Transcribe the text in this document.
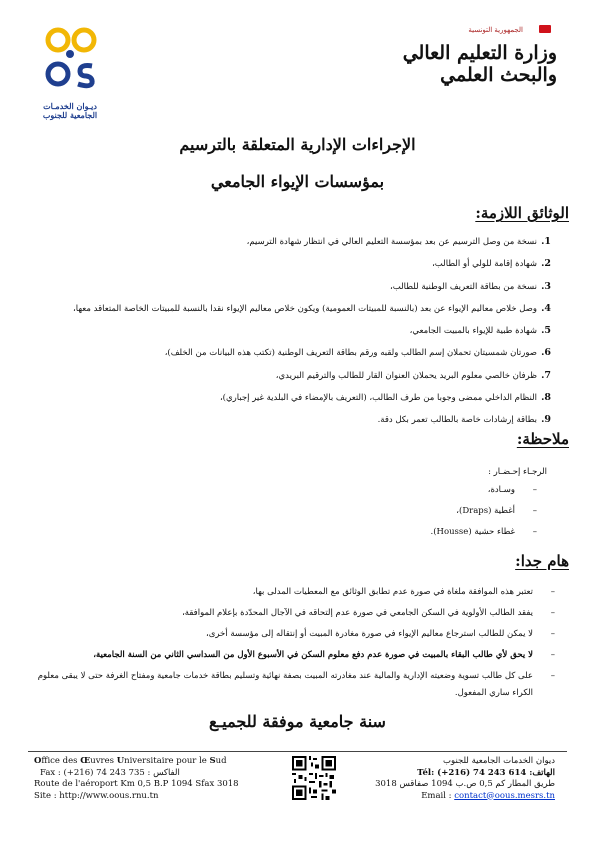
ديـوان الخدمـات
الجامعية للجنوب
الجمهورية التونسية
وزارة التعليم العالي
والبحث العلمي
الإجراءات الإدارية المتعلقة بالترسيم
بمؤسسات الإيواء الجامعي
الوثائق اللازمة:
1.
نسخة من وصل الترسيم عن بعد بمؤسسة التعليم العالي في انتظار شهادة الترسيم،
2.
شهادة إقامة للولي أو الطالب،
3.
نسخة من بطاقة التعريف الوطنية للطالب،
4.
وصل خلاص معاليم الإيواء عن بعد (بالنسبة للمبيتات العمومية) ويكون خلاص معاليم الإيواء نقدا بالنسبة للمبيتات الخاصة المتعاقد معها،
5.
شهادة طبية للإيواء بالمبيت الجامعي،
6.
صورتان شمسيتان تحملان إسم الطالب ولقبه ورقم بطاقة التعريف الوطنية (تكتب هذه البيانات من الخلف)،
7.
ظرفان خالصي معلوم البريد يحملان العنوان القار للطالب والترقيم البريدي،
8.
النظام الداخلي ممضى وجوبا من طرف الطالب، (التعريف بالإمضاء في البلدية غير إجباري)،
9.
بطاقة إرشادات خاصة بالطالب تعمر بكل دقة.
ملاحظة:
الرجـاء إحـضـار :
–وسـادة،
–أغطية (Draps)،
–غطاء حشية (Housse).
هام جدا:
–
تعتبر هذه الموافقة ملغاة في صورة عدم تطابق الوثائق مع المعطيات المدلى بها،
–
يفقد الطالب الأولوية في السكن الجامعي في صورة عدم إلتحاقه في الآجال المحدّدة بإعلام الموافقة،
–
لا يمكن للطالب استرجاع معاليم الإيواء في صورة مغادرة المبيت أو إنتقاله إلى مؤسسة أخرى،
–
لا يحق لأي طالب البقاء بالمبيت في صورة عدم دفع معلوم السكن في الأسبوع الأول من السداسي الثاني من السنة الجامعية،
–
على كل طالب تسوية وضعيته الإدارية والمالية عند مغادرته المبيت بصفة نهائية وتسليم بطاقة خدمات جامعية ومفتاح الغرفة حتى لا يبقى معلوم الكراء ساري المفعول.
سنة جامعية موفقة للجميـع
Office des Œuvres Universitaire pour le Sud
Fax : (+216) 74 243 735 : الفاكس
Route de l'aéroport Km 0,5 B.P 1094 Sfax 3018
Site : http://www.oous.rnu.tn
ديوان الخدمات الجامعية للجنوب
Tél: (+216) 74 243 614 :الهاتف
طريق المطار كم 0,5 ص.ب 1094 صفاقس 3018
Email : contact@oous.mesrs.tn
